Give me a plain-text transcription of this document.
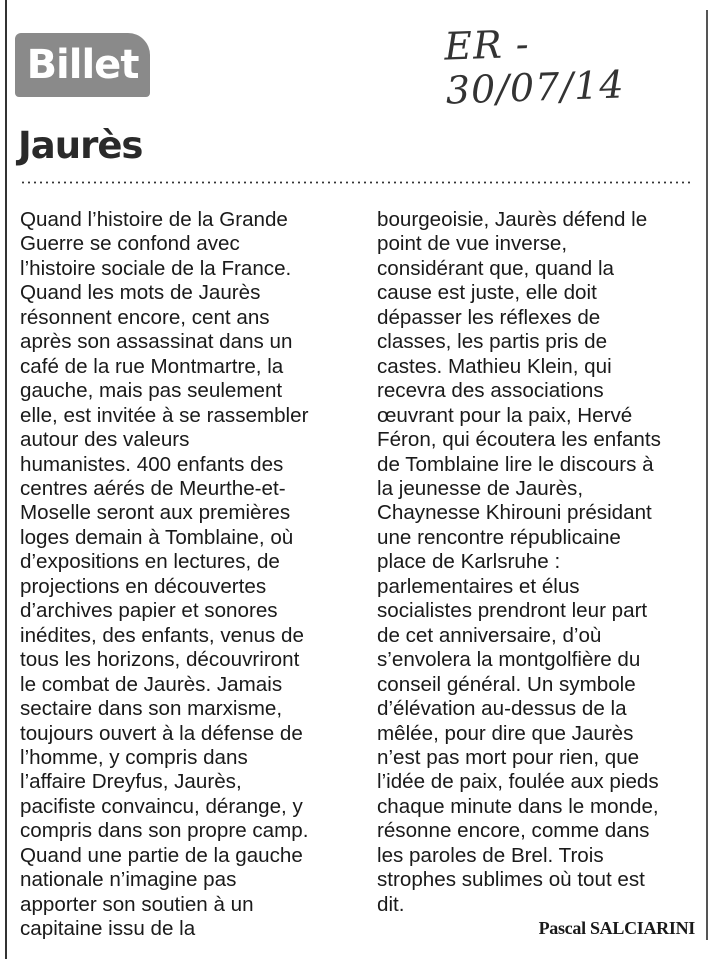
Billet	ER - 30/07/14
Jaurès
Quand l’histoire de la Grande
Guerre se confond avec
l’histoire sociale de la France.
Quand les mots de Jaurès
résonnent encore, cent ans
après son assassinat dans un
café de la rue Montmartre, la
gauche, mais pas seulement
elle, est invitée à se rassembler
autour des valeurs
humanistes. 400 enfants des
centres aérés de Meurthe-et-
Moselle seront aux premières
loges demain à Tomblaine, où
d’expositions en lectures, de
projections en découvertes
d’archives papier et sonores
inédites, des enfants, venus de
tous les horizons, découvriront
le combat de Jaurès. Jamais
sectaire dans son marxisme,
toujours ouvert à la défense de
l’homme, y compris dans
l’affaire Dreyfus, Jaurès,
pacifiste convaincu, dérange, y
compris dans son propre camp.
Quand une partie de la gauche
nationale n’imagine pas
apporter son soutien à un
capitaine issu de la
bourgeoisie, Jaurès défend le
point de vue inverse,
considérant que, quand la
cause est juste, elle doit
dépasser les réflexes de
classes, les partis pris de
castes. Mathieu Klein, qui
recevra des associations
œuvrant pour la paix, Hervé
Féron, qui écoutera les enfants
de Tomblaine lire le discours à
la jeunesse de Jaurès,
Chaynesse Khirouni présidant
une rencontre républicaine
place de Karlsruhe :
parlementaires et élus
socialistes prendront leur part
de cet anniversaire, d’où
s’envolera la montgolfière du
conseil général. Un symbole
d’élévation au-dessus de la
mêlée, pour dire que Jaurès
n’est pas mort pour rien, que
l’idée de paix, foulée aux pieds
chaque minute dans le monde,
résonne encore, comme dans
les paroles de Brel. Trois
strophes sublimes où tout est
dit.
Pascal SALCIARINI
